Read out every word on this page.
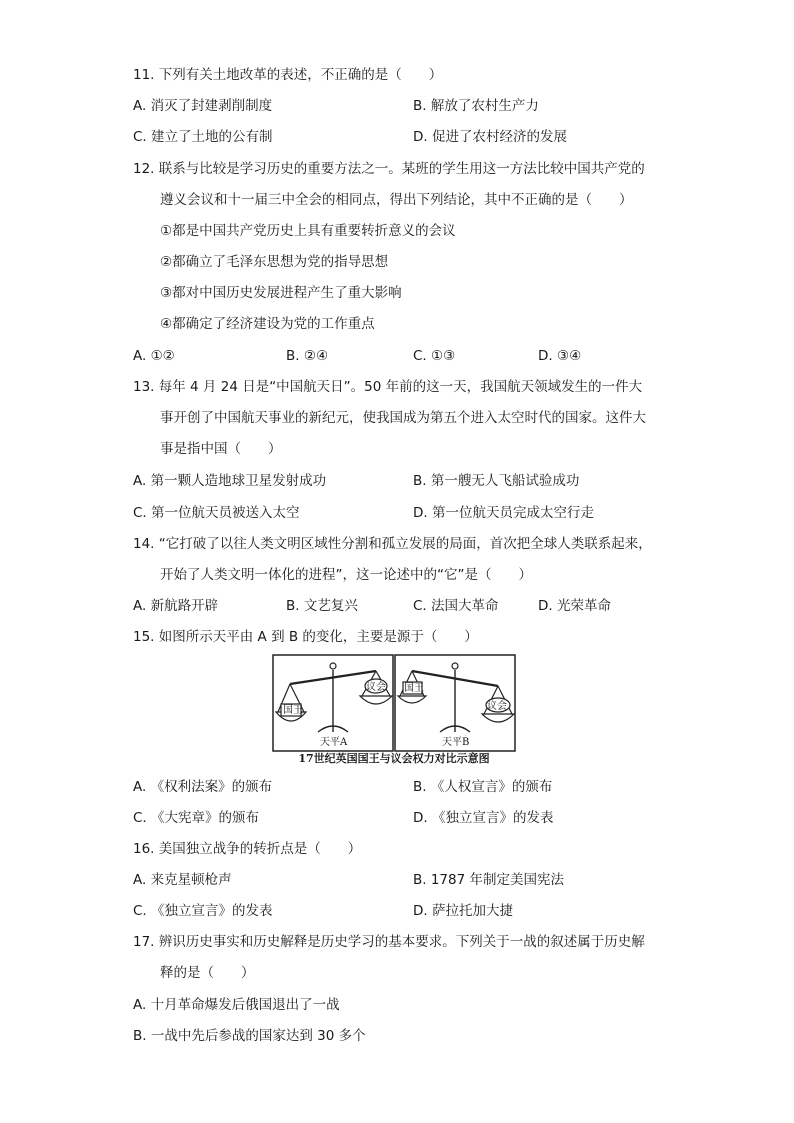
11. 下列有关土地改革的表述，不正确的是（　　）
A. 消灭了封建剥削制度	B. 解放了农村生产力
C. 建立了土地的公有制	D. 促进了农村经济的发展
12. 联系与比较是学习历史的重要方法之一。某班的学生用这一方法比较中国共产党的
遵义会议和十一届三中全会的相同点，得出下列结论，其中不正确的是（　　）
①都是中国共产党历史上具有重要转折意义的会议
②都确立了毛泽东思想为党的指导思想
③都对中国历史发展进程产生了重大影响
④都确定了经济建设为党的工作重点
A. ①②	B. ②④	C. ①③	D. ③④
13. 每年 4 月 24 日是“中国航天日”。50 年前的这一天，我国航天领域发生的一件大
事开创了中国航天事业的新纪元，使我国成为第五个进入太空时代的国家。这件大
事是指中国（　　）
A. 第一颗人造地球卫星发射成功	B. 第一艘无人飞船试验成功
C. 第一位航天员被送入太空	D. 第一位航天员完成太空行走
14. “它打破了以往人类文明区域性分割和孤立发展的局面，首次把全球人类联系起来，
开始了人类文明一体化的进程”，这一论述中的“它”是（　　）
A. 新航路开辟	B. 文艺复兴	C. 法国大革命	D. 光荣革命
15. 如图所示天平由 A 到 B 的变化，主要是源于（　　）
国王
议会
天平A
国王
议会
天平B
17世纪英国国王与议会权力对比示意图
A. 《权利法案》的颁布	B. 《人权宣言》的颁布
C. 《大宪章》的颁布	D. 《独立宣言》的发表
16. 美国独立战争的转折点是（　　）
A. 来克星顿枪声	B. 1787 年制定美国宪法
C. 《独立宣言》的发表	D. 萨拉托加大捷
17. 辨识历史事实和历史解释是历史学习的基本要求。下列关于一战的叙述属于历史解
释的是（　　）
A. 十月革命爆发后俄国退出了一战
B. 一战中先后参战的国家达到 30 多个
